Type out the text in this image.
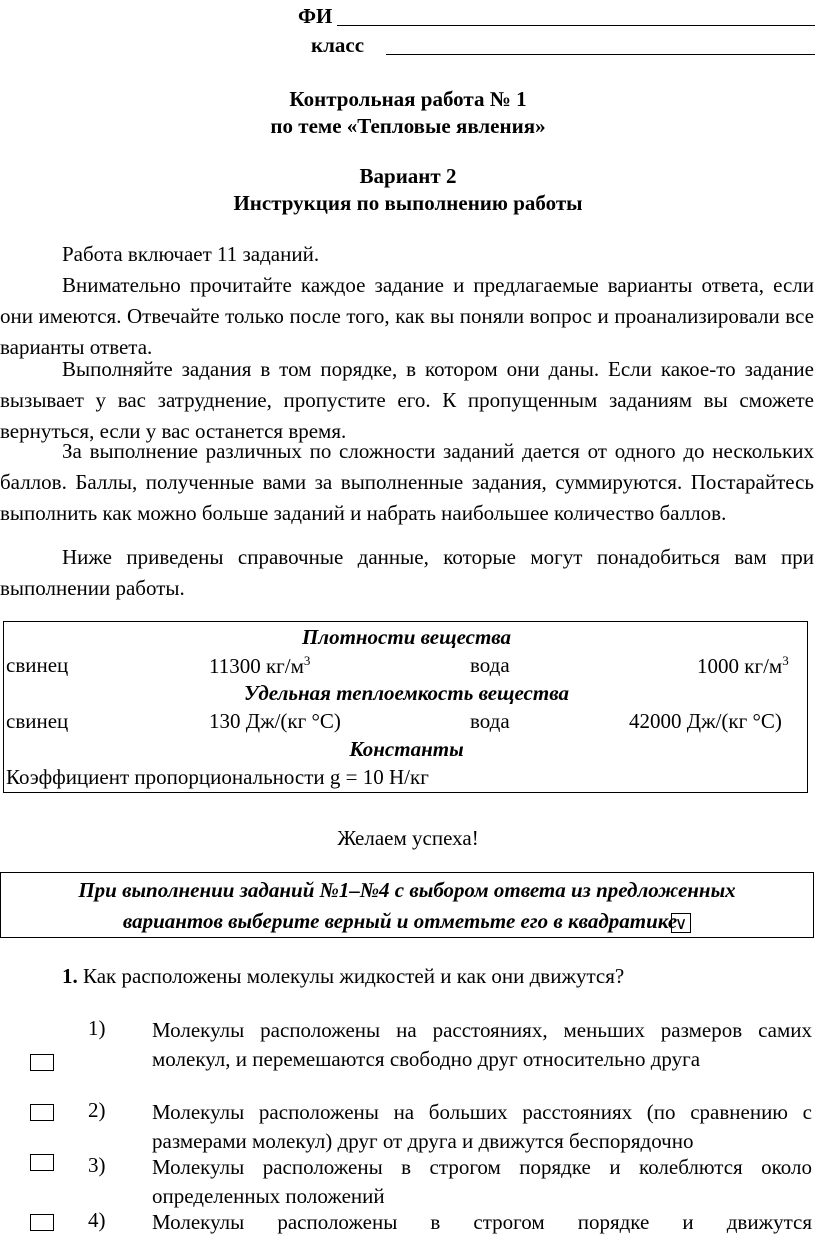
ФИ
класс
Контрольная работа № 1
по теме «Тепловые явления»
Вариант 2
Инструкция по выполнению работы
Работа включает 11 заданий.
Внимательно прочитайте каждое задание и предлагаемые варианты ответа, если они имеются. Отвечайте только после того, как вы поняли вопрос и проанализировали все варианты ответа.
Выполняйте задания в том порядке, в котором они даны. Если какое-то задание вызывает у вас затруднение, пропустите его. К пропущенным заданиям вы сможете вернуться, если у вас останется время.
За выполнение различных по сложности заданий дается от одного до нескольких баллов. Баллы, полученные вами за выполненные задания, суммируются. Постарайтесь выполнить как можно больше заданий и набрать наибольшее количество баллов.
Ниже приведены справочные данные, которые могут понадобиться вам при выполнении работы.
Плотности вещества
свинец	11300 $кг/м^3$	вода	1000 $кг/м^3$
Удельная теплоемкость вещества
свинец	130 Дж/(кг °С)	вода	42000 Дж/(кг °С)
Константы
Коэффициент пропорциональности g = 10 Н/кг
Желаем успеха!
При выполнении заданий №1–№4 с выбором ответа из предложенных
вариантов выберите верный и отметьте его в квадратике∨
1. Как расположены молекулы жидкостей и как они движутся?
1) Молекулы расположены на расстояниях, меньших размеров самих молекул, и перемешаются свободно друг относительно друга
2) Молекулы расположены на больших расстояниях (по сравнению с размерами молекул) друг от друга и движутся беспорядочно
3) Молекулы расположены в строгом порядке и колеблются около определенных положений
4) Молекулы расположены в строгом порядке и движутся
